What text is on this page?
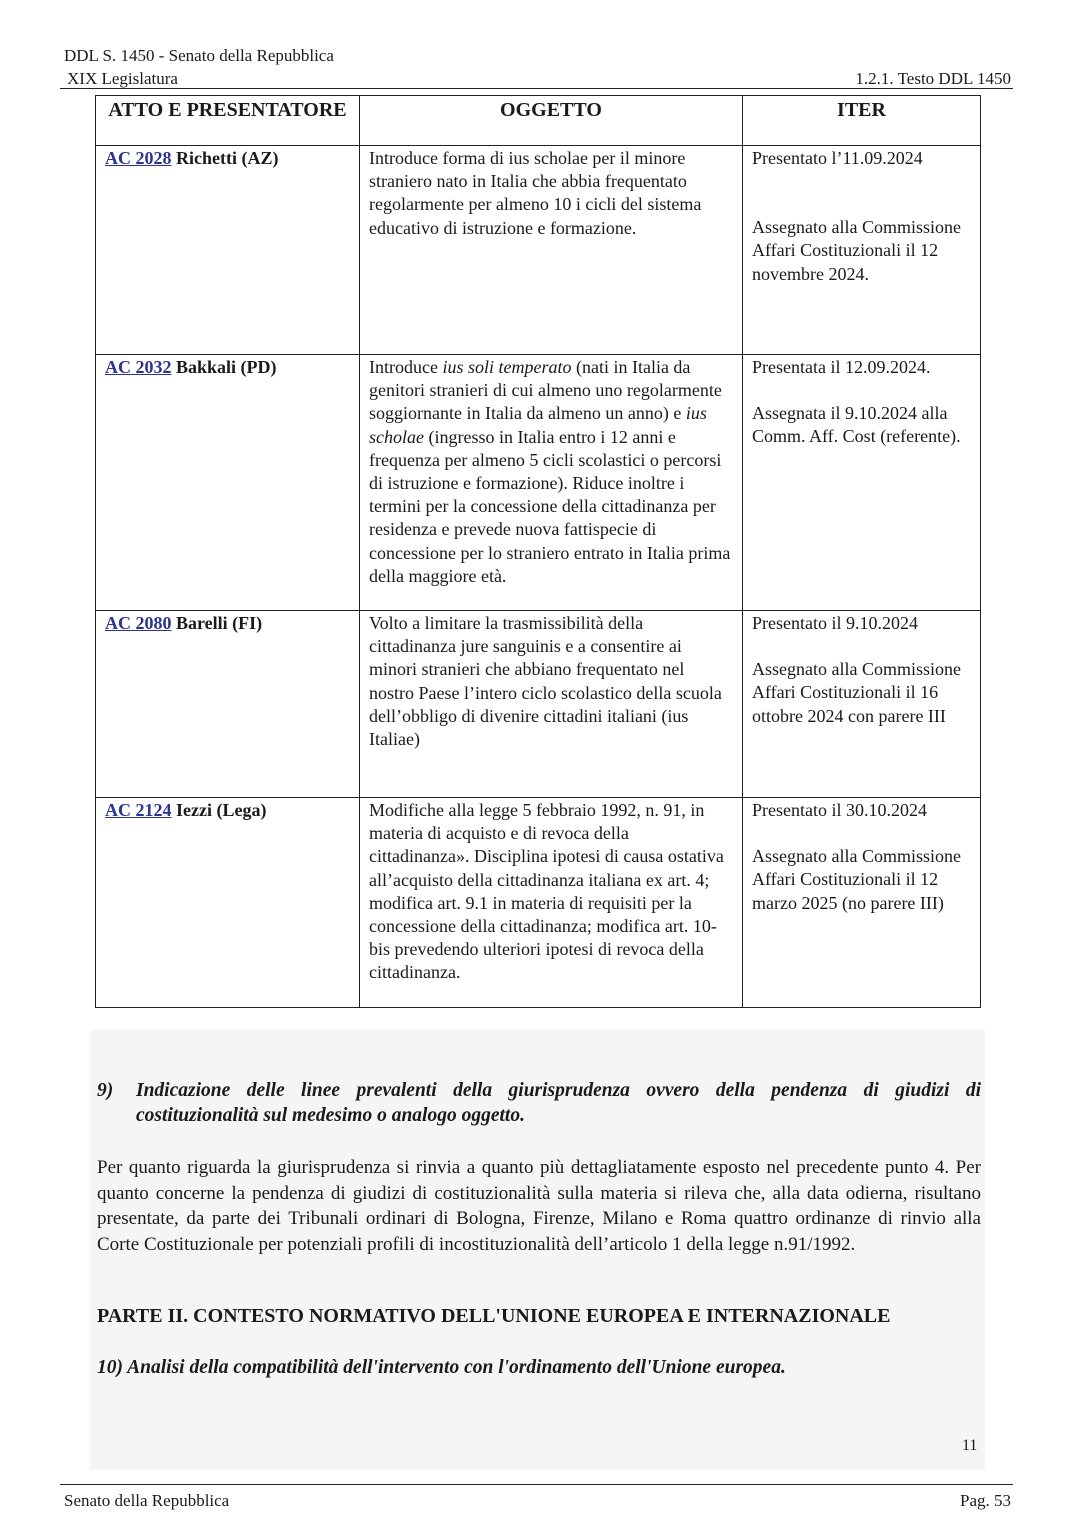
DDL S. 1450 - Senato della Repubblica
XIX Legislatura	1.2.1. Testo DDL 1450
ATTO E PRESENTATORE	OGGETTO	ITER
AC 2028 Richetti (AZ)	Introduce forma di ius scholae per il minore straniero nato in Italia che abbia frequentato regolarmente per almeno 10 i cicli del sistema educativo di istruzione e formazione.	Presentato l’11.09.2024

Assegnato alla Commissione Affari Costituzionali il 12 novembre 2024.

AC 2032 Bakkali (PD)	Introduce ius soli temperato (nati in Italia da genitori stranieri di cui almeno uno regolarmente soggiornante in Italia da almeno un anno) e ius scholae (ingresso in Italia entro i 12 anni e frequenza per almeno 5 cicli scolastici o percorsi di istruzione e formazione). Riduce inoltre i termini per la concessione della cittadinanza per residenza e prevede nuova fattispecie di concessione per lo straniero entrato in Italia prima della maggiore età.	Presentata il 12.09.2024.

Assegnata il 9.10.2024 alla Comm. Aff. Cost (referente).

AC 2080 Barelli (FI)	Volto a limitare la trasmissibilità della cittadinanza jure sanguinis e a consentire ai minori stranieri che abbiano frequentato nel nostro Paese l’intero ciclo scolastico della scuola dell’obbligo di divenire cittadini italiani (ius Italiae)	Presentato il 9.10.2024

Assegnato alla Commissione Affari Costituzionali il 16 ottobre 2024 con parere III

AC 2124 Iezzi (Lega)	Modifiche alla legge 5 febbraio 1992, n. 91, in materia di acquisto e di revoca della cittadinanza». Disciplina ipotesi di causa ostativa all’acquisto della cittadinanza italiana ex art. 4; modifica art. 9.1 in materia di requisiti per la concessione della cittadinanza; modifica art. 10-bis prevedendo ulteriori ipotesi di revoca della cittadinanza.	Presentato il 30.10.2024

Assegnato alla Commissione Affari Costituzionali il 12 marzo 2025 (no parere III)

9) Indicazione delle linee prevalenti della giurisprudenza ovvero della pendenza di giudizi di costituzionalità sul medesimo o analogo oggetto.
Per quanto riguarda la giurisprudenza si rinvia a quanto più dettagliatamente esposto nel precedente punto 4. Per quanto concerne la pendenza di giudizi di costituzionalità sulla materia si rileva che, alla data odierna, risultano presentate, da parte dei Tribunali ordinari di Bologna, Firenze, Milano e Roma quattro ordinanze di rinvio alla Corte Costituzionale per potenziali profili di incostituzionalità dell’articolo 1 della legge n.91/1992.
PARTE II. CONTESTO NORMATIVO DELL'UNIONE EUROPEA E INTERNAZIONALE
10) Analisi della compatibilità dell'intervento con l'ordinamento dell'Unione europea.
11
Senato della Repubblica	Pag. 53
